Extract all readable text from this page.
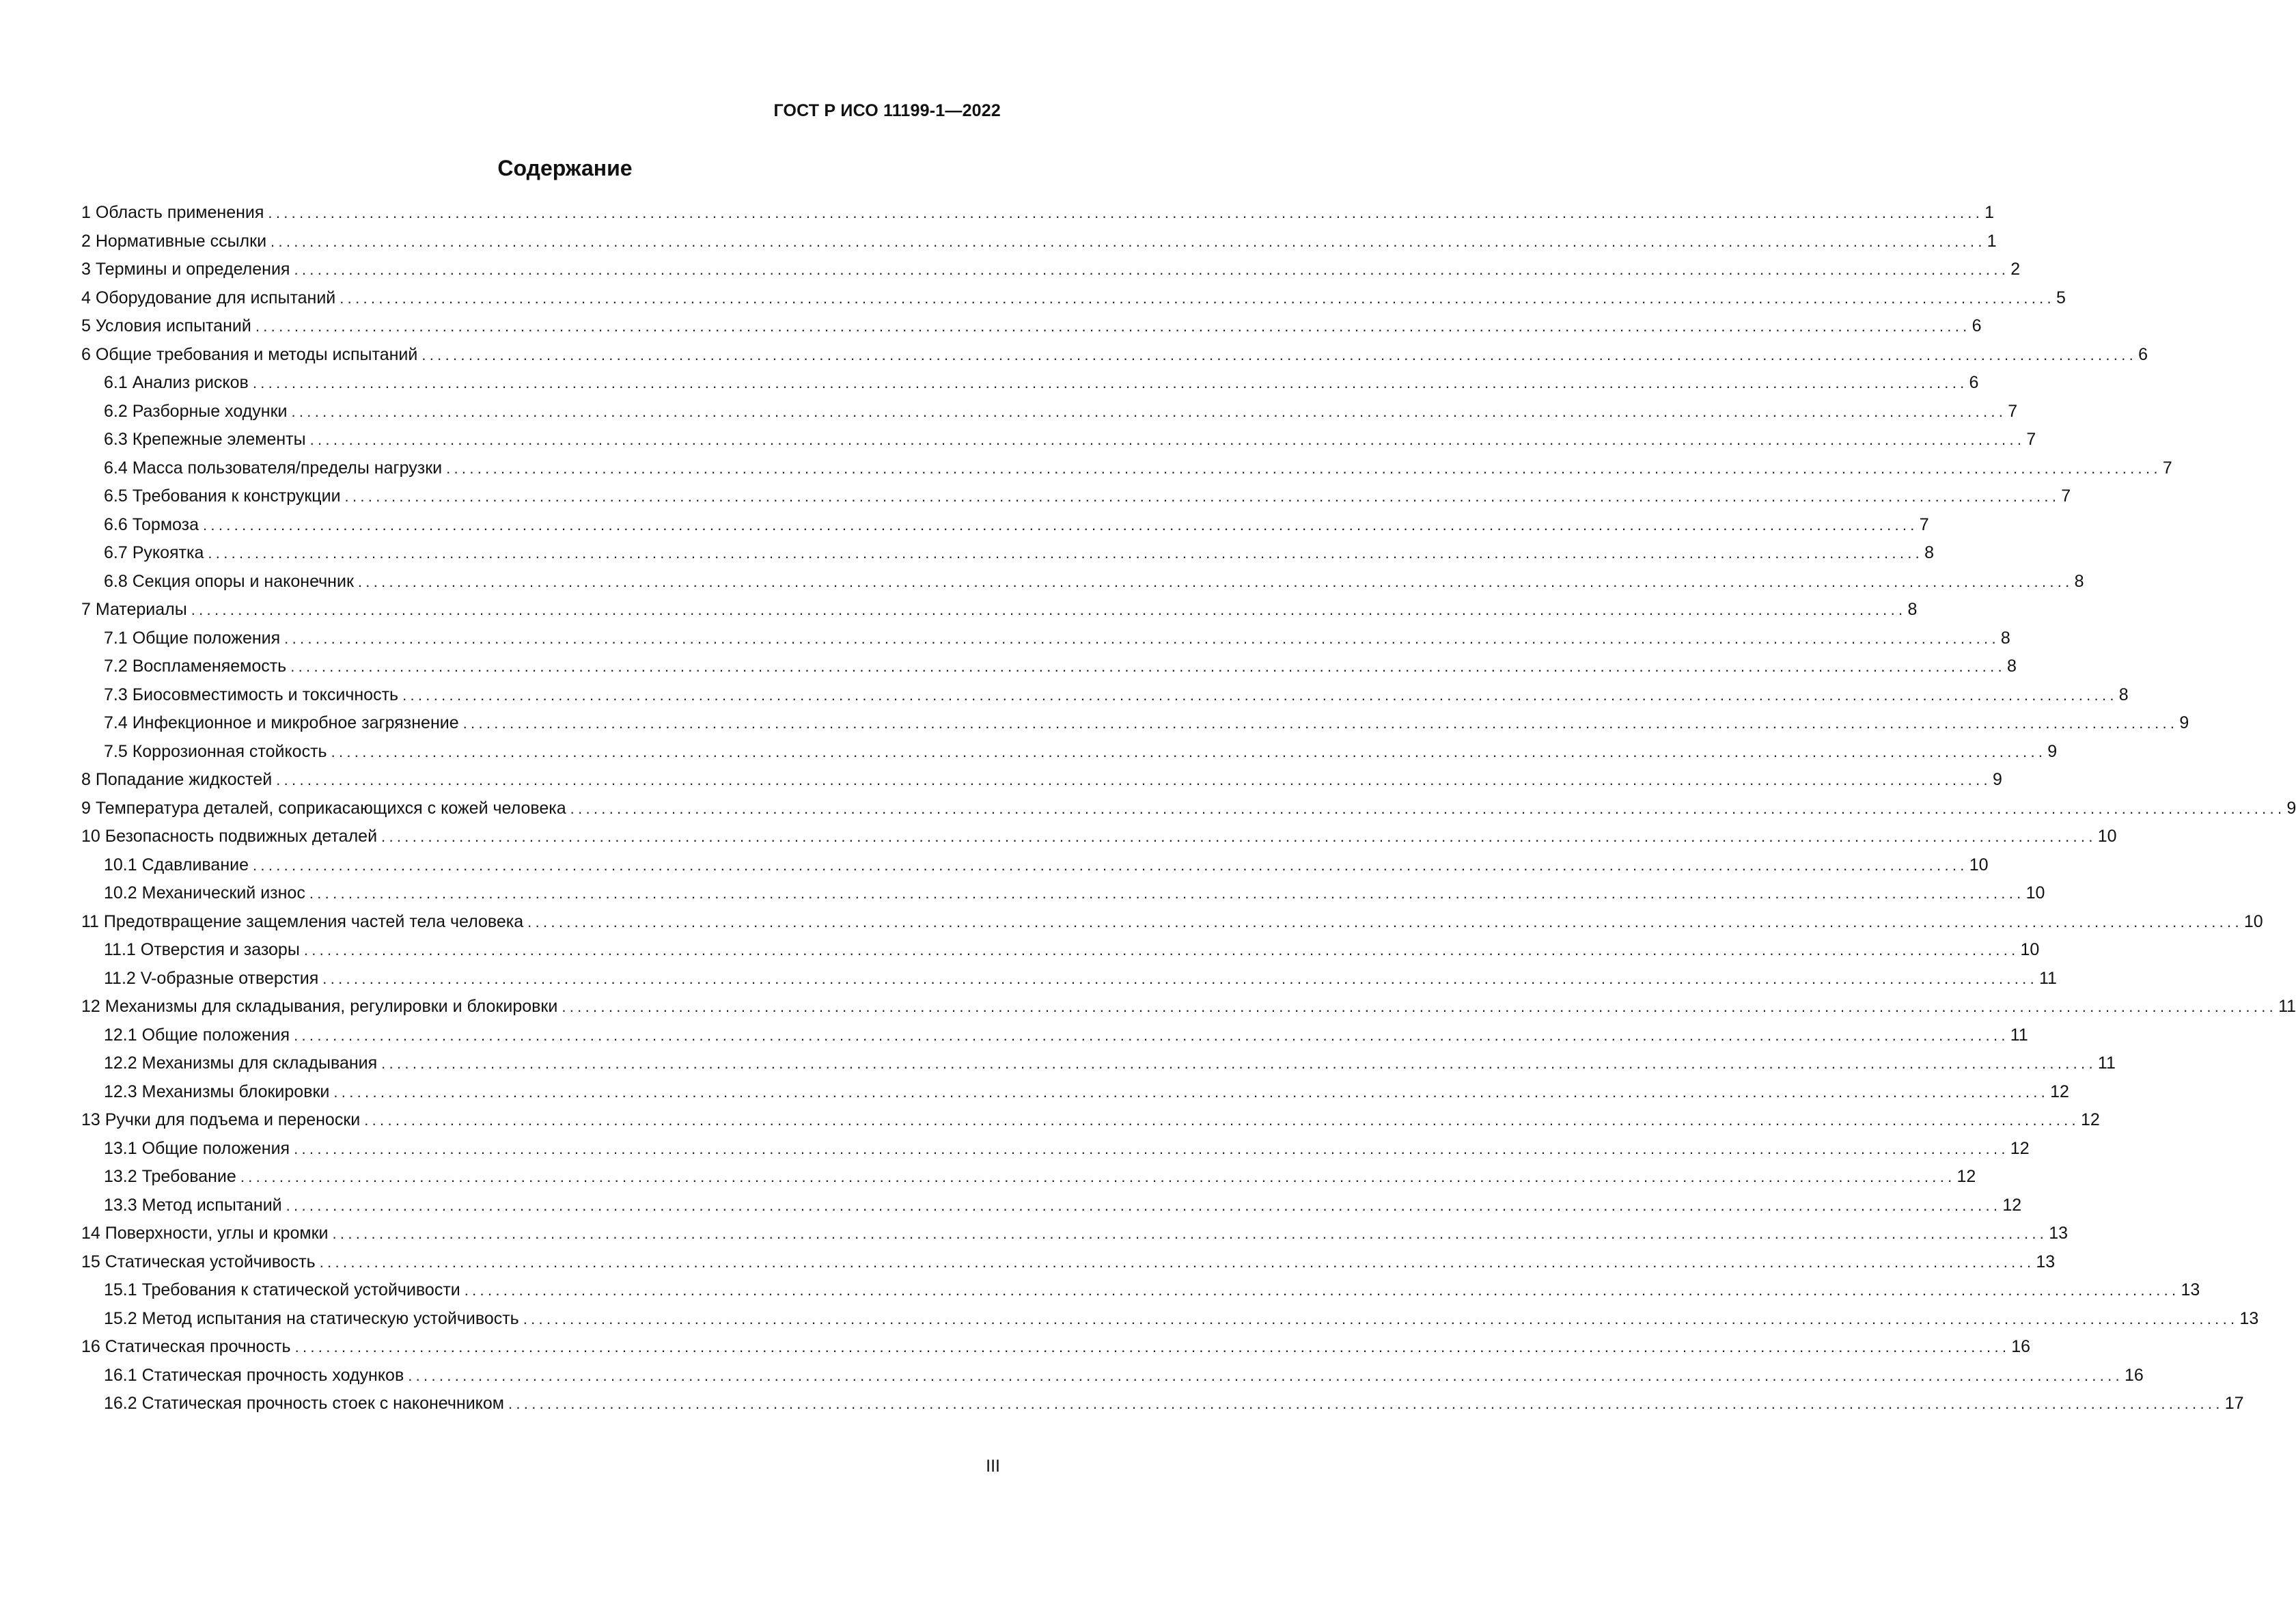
ГОСТ Р ИСО 11199-1—2022
Содержание
1 Область применения ............................................................................................................................................................................................................................ 1
2 Нормативные ссылки ............................................................................................................................................................................................................................ 1
3 Термины и определения ............................................................................................................................................................................................................................ 2
4 Оборудование для испытаний ............................................................................................................................................................................................................................ 5
5 Условия испытаний ............................................................................................................................................................................................................................ 6
6 Общие требования и методы испытаний ............................................................................................................................................................................................................................ 6
6.1 Анализ рисков ............................................................................................................................................................................................................................ 6
6.2 Разборные ходунки ............................................................................................................................................................................................................................ 7
6.3 Крепежные элементы ............................................................................................................................................................................................................................ 7
6.4 Масса пользователя/пределы нагрузки ............................................................................................................................................................................................................................ 7
6.5 Требования к конструкции ............................................................................................................................................................................................................................ 7
6.6 Тормоза ............................................................................................................................................................................................................................ 7
6.7 Рукоятка ............................................................................................................................................................................................................................ 8
6.8 Секция опоры и наконечник ............................................................................................................................................................................................................................ 8
7 Материалы ............................................................................................................................................................................................................................ 8
7.1 Общие положения ............................................................................................................................................................................................................................ 8
7.2 Воспламеняемость ............................................................................................................................................................................................................................ 8
7.3 Биосовместимость и токсичность ............................................................................................................................................................................................................................ 8
7.4 Инфекционное и микробное загрязнение ............................................................................................................................................................................................................................ 9
7.5 Коррозионная стойкость ............................................................................................................................................................................................................................ 9
8 Попадание жидкостей ............................................................................................................................................................................................................................ 9
9 Температура деталей, соприкасающихся с кожей человека ............................................................................................................................................................................................................................ 9
10 Безопасность подвижных деталей ............................................................................................................................................................................................................................ 10
10.1 Сдавливание ............................................................................................................................................................................................................................ 10
10.2 Механический износ ............................................................................................................................................................................................................................ 10
11 Предотвращение защемления частей тела человека ............................................................................................................................................................................................................................ 10
11.1 Отверстия и зазоры ............................................................................................................................................................................................................................ 10
11.2 V-образные отверстия ............................................................................................................................................................................................................................ 11
12 Механизмы для складывания, регулировки и блокировки ............................................................................................................................................................................................................................ 11
12.1 Общие положения ............................................................................................................................................................................................................................ 11
12.2 Механизмы для складывания ............................................................................................................................................................................................................................ 11
12.3 Механизмы блокировки ............................................................................................................................................................................................................................ 12
13 Ручки для подъема и переноски ............................................................................................................................................................................................................................ 12
13.1 Общие положения ............................................................................................................................................................................................................................ 12
13.2 Требование ............................................................................................................................................................................................................................ 12
13.3 Метод испытаний ............................................................................................................................................................................................................................ 12
14 Поверхности, углы и кромки ............................................................................................................................................................................................................................ 13
15 Статическая устойчивость ............................................................................................................................................................................................................................ 13
15.1 Требования к статической устойчивости ............................................................................................................................................................................................................................ 13
15.2 Метод испытания на статическую устойчивость ............................................................................................................................................................................................................................ 13
16 Статическая прочность ............................................................................................................................................................................................................................ 16
16.1 Статическая прочность ходунков ............................................................................................................................................................................................................................ 16
16.2 Статическая прочность стоек с наконечником ............................................................................................................................................................................................................................ 17
III
